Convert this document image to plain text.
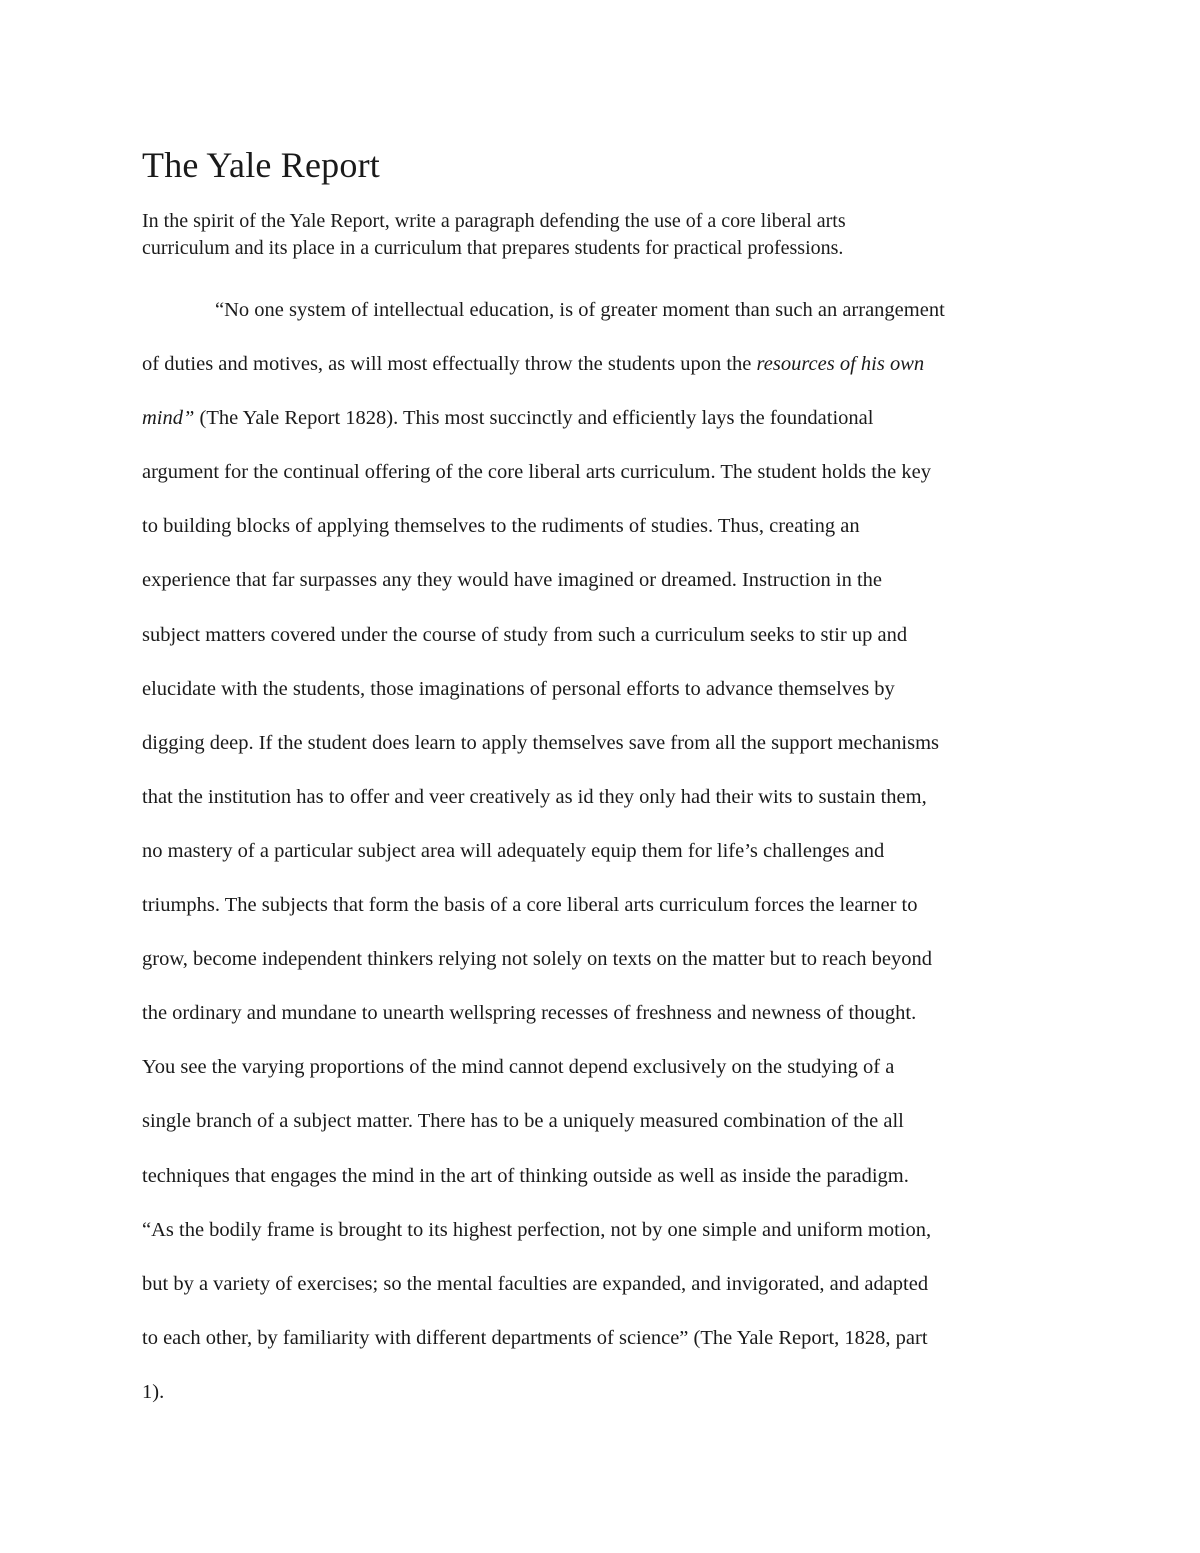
The Yale Report

In the spirit of the Yale Report, write a paragraph defending the use of a core liberal arts
curriculum and its place in a curriculum that prepares students for practical professions.

“No one system of intellectual education, is of greater moment than such an arrangement
of duties and motives, as will most effectually throw the students upon the resources of his own
mind” (The Yale Report 1828). This most succinctly and efficiently lays the foundational
argument for the continual offering of the core liberal arts curriculum. The student holds the key
to building blocks of applying themselves to the rudiments of studies. Thus, creating an
experience that far surpasses any they would have imagined or dreamed. Instruction in the
subject matters covered under the course of study from such a curriculum seeks to stir up and
elucidate with the students, those imaginations of personal efforts to advance themselves by
digging deep. If the student does learn to apply themselves save from all the support mechanisms
that the institution has to offer and veer creatively as id they only had their wits to sustain them,
no mastery of a particular subject area will adequately equip them for life’s challenges and
triumphs. The subjects that form the basis of a core liberal arts curriculum forces the learner to
grow, become independent thinkers relying not solely on texts on the matter but to reach beyond
the ordinary and mundane to unearth wellspring recesses of freshness and newness of thought.
You see the varying proportions of the mind cannot depend exclusively on the studying of a
single branch of a subject matter. There has to be a uniquely measured combination of the all
techniques that engages the mind in the art of thinking outside as well as inside the paradigm.
“As the bodily frame is brought to its highest perfection, not by one simple and uniform motion,
but by a variety of exercises; so the mental faculties are expanded, and invigorated, and adapted
to each other, by familiarity with different departments of science” (The Yale Report, 1828, part
1).
